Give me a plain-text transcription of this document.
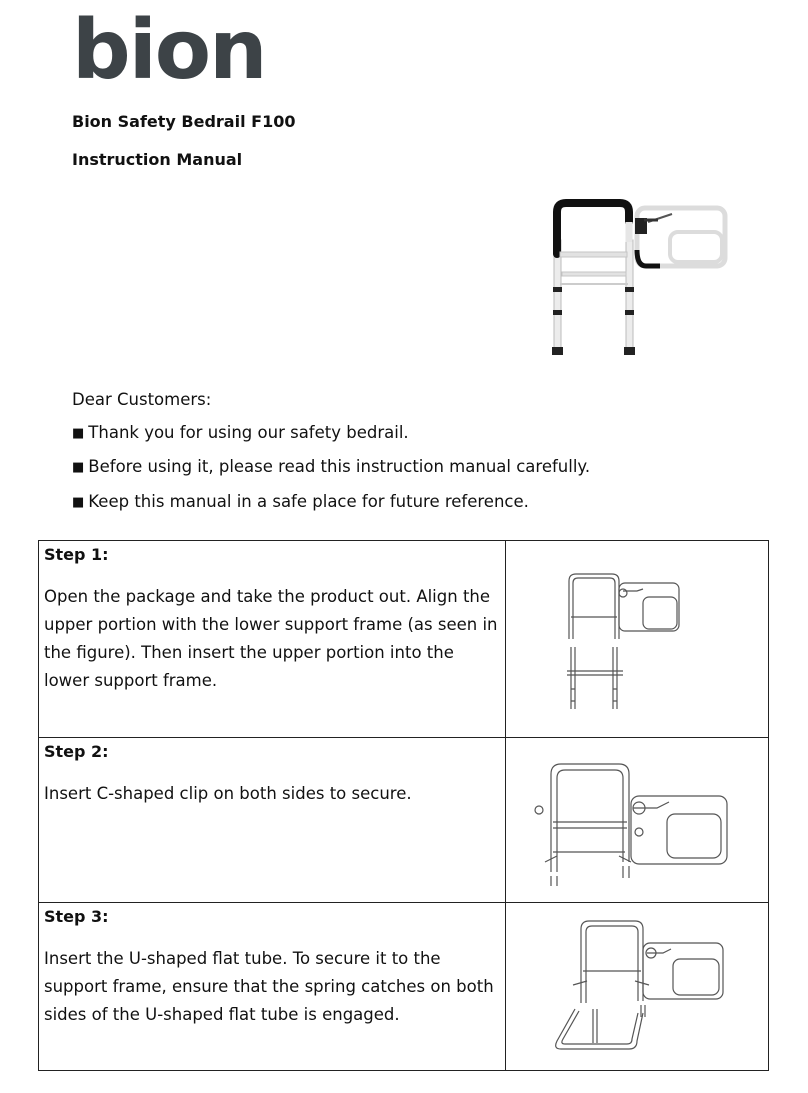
bion
Bion Safety Bedrail F100
Instruction Manual
Dear Customers:
■ Thank you for using our safety bedrail.
■ Before using it, please read this instruction manual carefully.
■ Keep this manual in a safe place for future reference.
Step 1:
Open the package and take the product out. Align the upper portion with the lower support frame (as seen in the figure). Then insert the upper portion into the lower support frame.

Step 2:
Insert C-shaped clip on both sides to secure.

Step 3:
Insert the U-shaped flat tube. To secure it to the support frame, ensure that the spring catches on both sides of the U-shaped flat tube is engaged.
